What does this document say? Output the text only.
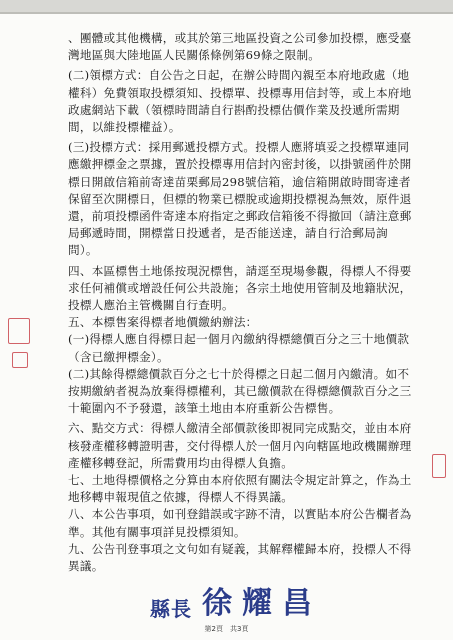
、團體或其他機構，或其於第三地區投資之公司參加投標，應受臺灣地區與大陸地區人民關係條例第69條之限制。

(二)領標方式：自公告之日起，在辦公時間內親至本府地政處（地權科）免費領取投標須知、投標單、投標專用信封等，或上本府地政處網站下載（領標時間請自行斟酌投標估價作業及投遞所需期間，以維投標權益）。

(三)投標方式：採用郵遞投標方式。投標人應將填妥之投標單連同應繳押標金之票據，置於投標專用信封內密封後，以掛號函件於開標日開啟信箱前寄達苗栗郵局298號信箱，逾信箱開啟時間寄達者保留至次開標日，但標的物業已標脫或逾期投標視為無效，原件退還，前項投標函件寄達本府指定之郵政信箱後不得撤回（請注意郵局郵遞時間，開標當日投遞者，是否能送達，請自行洽郵局詢問）。

四、本區標售土地係按現況標售，請逕至現場參觀，得標人不得要求任何補償或增設任何公共設施；各宗土地使用管制及地籍狀況，投標人應治主管機關自行查明。

五、本標售案得標者地價繳納辦法：

(一)得標人應自得標日起一個月內繳納得標總價百分之三十地價款（含已繳押標金）。

(二)其餘得標總價款百分之七十於得標之日起二個月內繳清。如不按期繳納者視為放棄得標權利，其已繳價款在得標總價款百分之三十範圍內不予發還，該筆土地由本府重新公告標售。

六、點交方式：得標人繳清全部價款後即視同完成點交，並由本府核發產權移轉證明書，交付得標人於一個月內向轄區地政機關辦理產權移轉登記，所需費用均由得標人負擔。

七、土地得標價格之分算由本府依照有關法令規定計算之，作為土地移轉申報現值之依據，得標人不得異議。

八、本公告事項，如刊登錯誤或字跡不清，以實貼本府公告欄者為準。其他有關事項詳見投標須知。

九、公告刊登事項之文句如有疑義，其解釋權歸本府，投標人不得異議。

縣長 徐耀昌
第2頁　共3頁
